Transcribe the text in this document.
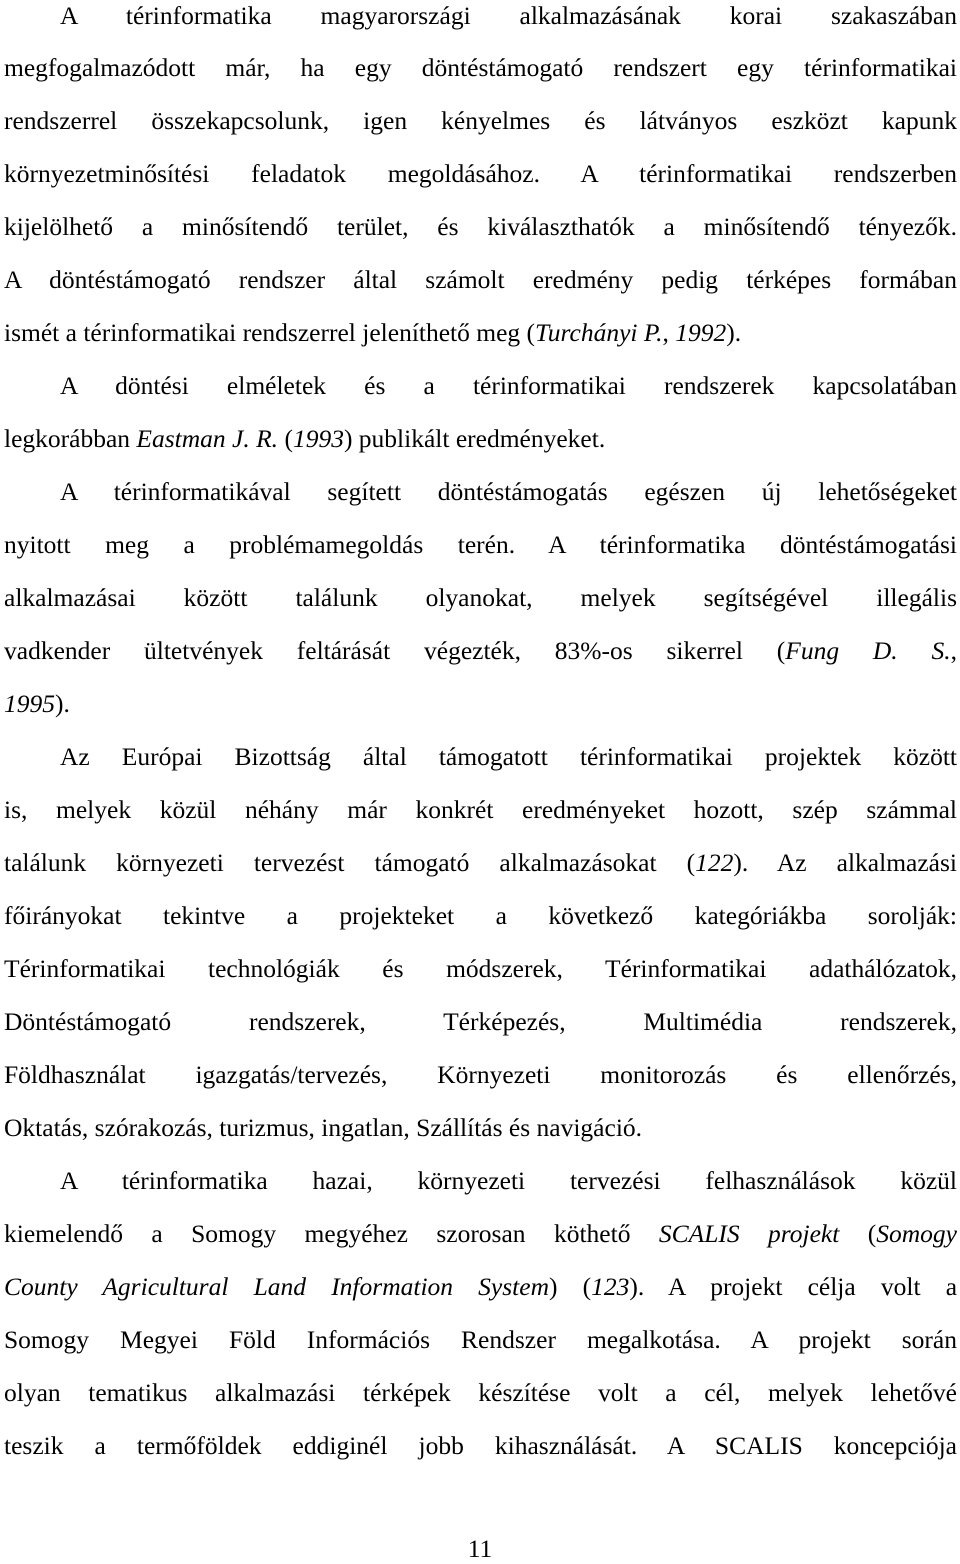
A térinformatika magyarországi alkalmazásának korai szakaszában
megfogalmazódott már, ha egy döntéstámogató rendszert egy térinformatikai
rendszerrel összekapcsolunk, igen kényelmes és látványos eszközt kapunk
környezetminősítési feladatok megoldásához. A térinformatikai rendszerben
kijelölhető a minősítendő terület, és kiválaszthatók a minősítendő tényezők.
A döntéstámogató rendszer által számolt eredmény pedig térképes formában
ismét a térinformatikai rendszerrel jeleníthető meg (Turchányi P., 1992).
A döntési elméletek és a térinformatikai rendszerek kapcsolatában
legkorábban Eastman J. R. (1993) publikált eredményeket.
A térinformatikával segített döntéstámogatás egészen új lehetőségeket
nyitott meg a problémamegoldás terén. A térinformatika döntéstámogatási
alkalmazásai között találunk olyanokat, melyek segítségével illegális
vadkender ültetvények feltárását végezték, 83%-os sikerrel (Fung D. S.,
1995).
Az Európai Bizottság által támogatott térinformatikai projektek között
is, melyek közül néhány már konkrét eredményeket hozott, szép számmal
találunk környezeti tervezést támogató alkalmazásokat (122). Az alkalmazási
főirányokat tekintve a projekteket a következő kategóriákba sorolják:
Térinformatikai technológiák és módszerek, Térinformatikai adathálózatok,
Döntéstámogató rendszerek, Térképezés, Multimédia rendszerek,
Földhasználat igazgatás/tervezés, Környezeti monitorozás és ellenőrzés,
Oktatás, szórakozás, turizmus, ingatlan, Szállítás és navigáció.
A térinformatika hazai, környezeti tervezési felhasználások közül
kiemelendő a Somogy megyéhez szorosan köthető SCALIS projekt (Somogy
County Agricultural Land Information System) (123). A projekt célja volt a
Somogy Megyei Föld Információs Rendszer megalkotása. A projekt során
olyan tematikus alkalmazási térképek készítése volt a cél, melyek lehetővé
teszik a termőföldek eddiginél jobb kihasználását. A SCALIS koncepciója
11
